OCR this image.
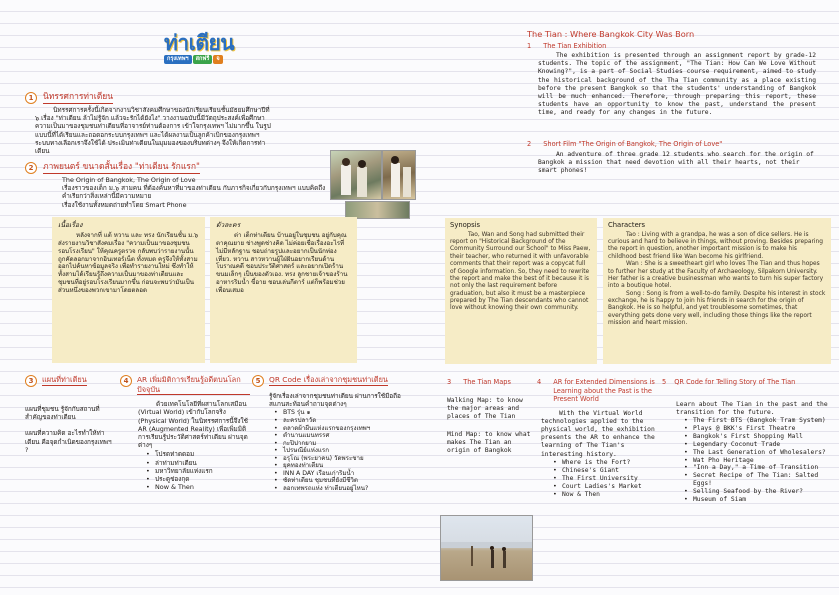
ท่าเตียน
กรุงเทพฯ	สกฟรี	จ
1	นิทรรศการท่าเตียน

นิทรรศการครั้งนี้เกิดจากงานวิชาสังคมศึกษาของนักเรียนเรียนชั้นมัธยมศึกษาปีที่ ๖ เรื่อง "ท่าเตียน ล้าไม่รู้จัก แล้วจะรักได้ยังไง" วางงานฉบับนี้มีวัตถุประสงค์เพื่อศึกษาความเป็นมาของชุมชนท่าเตียนที่อาจารย์ท่านต้องการ เข้าใจกรุงเทพฯ ไม่มากขึ้น ในรูปแบบนี้ที่ได้เรียนและถอดอกระบบกรุงเทพฯ และได้ผลงานเป็นลูกค้าเบิกของกรุงเทพฯ ระบบทางเลือกเราจึงใช้ได้ ประเมินท่าเตียนในมุมมองของบริบทต่างๆ จึงให้เกิดการท่าเตียน

2	ภาพยนตร์ ขนาดสั้นเรื่อง "ท่าเตียน รักแรก"

The Origin of Bangkok, The Origin of Love

เรื่องราวของเด็ก ม.๖ สามคน ที่ต้องค้นหาที่มาของท่าเตียน กับภารกิจเกี่ยวกับกรุงเทพฯ แบบคิดถึงคำเรียกว่าสิ่งเหล่านี้มีความหมาย

เรื่องใช้งานทั้งหมดถ่ายทำโดย Smart Phone

เนื้อเรื่อง

หลังจากที่ แต้ หวาน และ ทรง นักเรียนชั้น ม.๖ ส่งรายงานวิชาสังคมเรื่อง "ความเป็นมาของชุมชนรอบโรงเรียน" ให้คุณครูตรวจ กลับพบว่ารายงานนั้นถูกคัดลอกมาจากอินเทอร์เน็ต ทั้งหมด ครูจึงให้ทั้งสามออกไปค้นหาข้อมูลจริง เพื่อทำรายงานใหม่ ซึ่งทำให้ทั้งสามได้เรียนรู้ถึงความเป็นมาของท่าเตียนและชุมชนที่อยู่รอบโรงเรียนมากขึ้น ก่อนจะพบว่ามันเป็นส่วนหนึ่งของพวกเขามาโดยตลอด

ตัวละคร

ต่า เด็กท่าเตียน บ้านอยู่ในชุมชน อยู่กับคุณตาคุณยาย ช่างพูดช่างคิด ไม่ค่อยเชื่อเรื่องอะไรที่ไม่มีหลักฐาน ชอบถ่ายรูปและอยากเป็นนักท่องเที่ยว. หวาน สาวหวานผู้ใฝ่ฝันอยากเรียนด้านโบราณคดี ชอบประวัติศาสตร์ และอยากเปิดร้านขนมเล็กๆ เป็นของตัวเอง. ทรง ลูกชายเจ้าของร้านอาหารริมน้ำ ขี้อาย ชอบเล่นกีตาร์ แต่ก็พร้อมช่วยเพื่อนเสมอ

3	แผนที่ท่าเตียน

แผนที่ชุมชน รู้จักกับสถานที่สำคัญของท่าเตียน

แผนที่ความคิด อะไรทำให้ท่าเตียน คือจุดกำเนิดของกรุงเทพฯ ?

4	AR เพิ่มมิติการเรียนรู้อดีตบนโลกปัจจุบัน

ด้วยเทคโนโลยีที่ผสานโลกเสมือน (Virtual World) เข้ากับโลกจริง (Physical World) ในนิทรรศการนี้จึงใช้ AR (Augmented Reality) เพื่อเพิ่มมิติการเรียนรู้ประวัติศาสตร์ท่าเตียน ผ่านจุดต่างๆ

• โปรดท่าดดอม
• ล่าท่ามท่าเตียน
• มหาวิทยาลัยแห่งแรก
• ประตูช่องกุด
• Now & Then
5	QR Code เรื่องเล่าจากชุมชนท่าเตียน

รู้จักเรื่องเล่าจากชุมชนท่าเตียน ผ่านการใช้มือถือสแกนสะท้อนคำถามจุดต่างๆ

• BTS รุ่น ๑
• ละครปลาวัด
• ตลาดผ้าผืนแห่งแรกของกรุงเทพฯ
• ตำนานแมนทรรศ
• กะปิปากยาม
• ไปรษณีย์แห่งแรก
• อรุโณ (พระยาคน) วัดพระชาย
• ยุคทองท่าเตียน
• INN A DAY เรือนเก่าริมน้ำ
• ซัดท่าเตียน ชุมชนที่ยังมีชีวิต
• ลอกเทพรถแห่ง ท่าเตียนอยู่ไหน?
The Tian : Where Bangkok City Was Born
1 The Tian Exhibition

The exhibition is presented through an assignment report by grade-12 students. The topic of the assignment, "The Tian: How Can We Love Without Knowing?", is a part of Social Studies course requirement, aimed to study the historical background of the Tha Tian community as a place existing before the present Bangkok so that the students' understanding of Bangkok will be much enhanced. Therefore, through preparing this report, these students have an opportunity to know the past, understand the present time, and ready for any changes in the future.

2 Short Film "The Origin of Bangkok, The Origin of Love"

An adventure of three grade 12 students who search for the origin of Bangkok a mission that need devotion with all their hearts, not their smart phones!

Synopsis

Tao, Wan and Song had submitted their report on "Historical Background of the Community Surround our School" to Miss Paew, their teacher, who returned it with unfavorable comments that their report was a copycat full of Google information. So, they need to rewrite the report and make the best of it because it is not only the last requirement before graduation, but also it must be a masterpiece prepared by The Tian descendants who cannot love without knowing their own community.

Characters

Tao : Living with a grandpa, he was a son of dice sellers. He is curious and hard to believe in things, without proving. Besides preparing the report in question, another important mission is to make his childhood best friend like Wan become his girlfriend.

Wan : She is a sweetheart girl who loves The Tian and thus hopes to further her study at the Faculty of Archaeology, Silpakorn University. Her father is a creative businessman who wants to turn his super factory into a boutique hotel.

Song : Song is from a well-to-do family. Despite his interest in stock exchange, he is happy to join his friends in search for the origin of Bangkok. He is so helpful, and yet troublesome sometimes, that everything gets done very well, including those things like the report mission and heart mission.

3 The Tian Maps

Walking Map: to know the major areas and places of The Tian

Mind Map: to know what makes The Tian an origin of Bangkok

4 AR for Extended Dimensions is Learning about the Past is the Present World

With the Virtual World technologies applied to the physical world, the exhibition presents the AR to enhance the learning of The Tian's interesting history.

• Where is the Fort?
• Chinese's Giant
• The First University
• Court Ladies's Market
• Now & Then
5 QR Code for Telling Story of The Tian

Learn about The Tian in the past and the transition for the future.

• The First BTS (Bangkok Tram System)
• Plays @ BKK's First Theatre
• Bangkok's First Shopping Mall
• Legendary Coconut Trade
• The Last Generation of Wholesalers?
• Wat Pho Heritage
• "Inn a Day," a Time of Transition
• Secret Recipe of The Tian: Salted Eggs!
• Selling Seafood by the River?
• Museum of Siam
